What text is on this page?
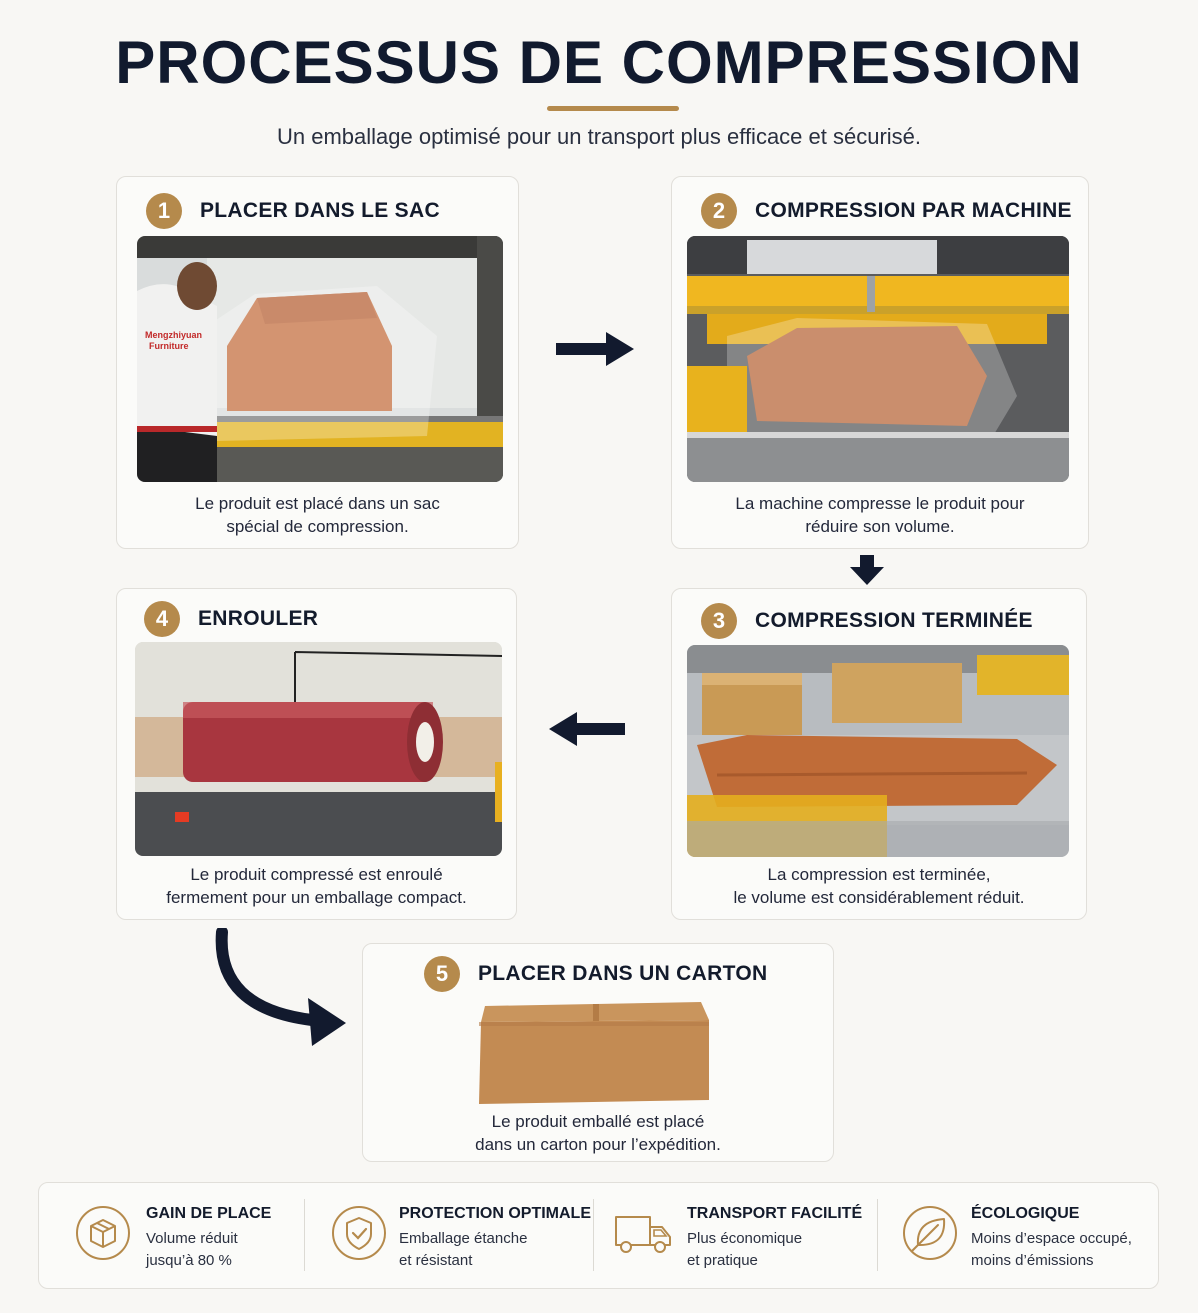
PROCESSUS DE COMPRESSION
Un emballage optimisé pour un transport plus efficace et sécurisé.
1	PLACER DANS LE SAC
Mengzhiyuan
Furniture
Le produit est placé dans un sac
spécial de compression.
2	COMPRESSION PAR MACHINE
La machine compresse le produit pour
réduire son volume.
3	COMPRESSION TERMINÉE
La compression est terminée,
le volume est considérablement réduit.
4	ENROULER
Le produit compressé est enroulé
fermement pour un emballage compact.
5	PLACER DANS UN CARTON
Le produit emballé est placé
dans un carton pour l’expédition.
GAIN DE PLACE
Volume réduit
jusqu’à 80 %
PROTECTION OPTIMALE
Emballage étanche
et résistant
TRANSPORT FACILITÉ
Plus économique
et pratique
ÉCOLOGIQUE
Moins d’espace occupé,
moins d’émissions
